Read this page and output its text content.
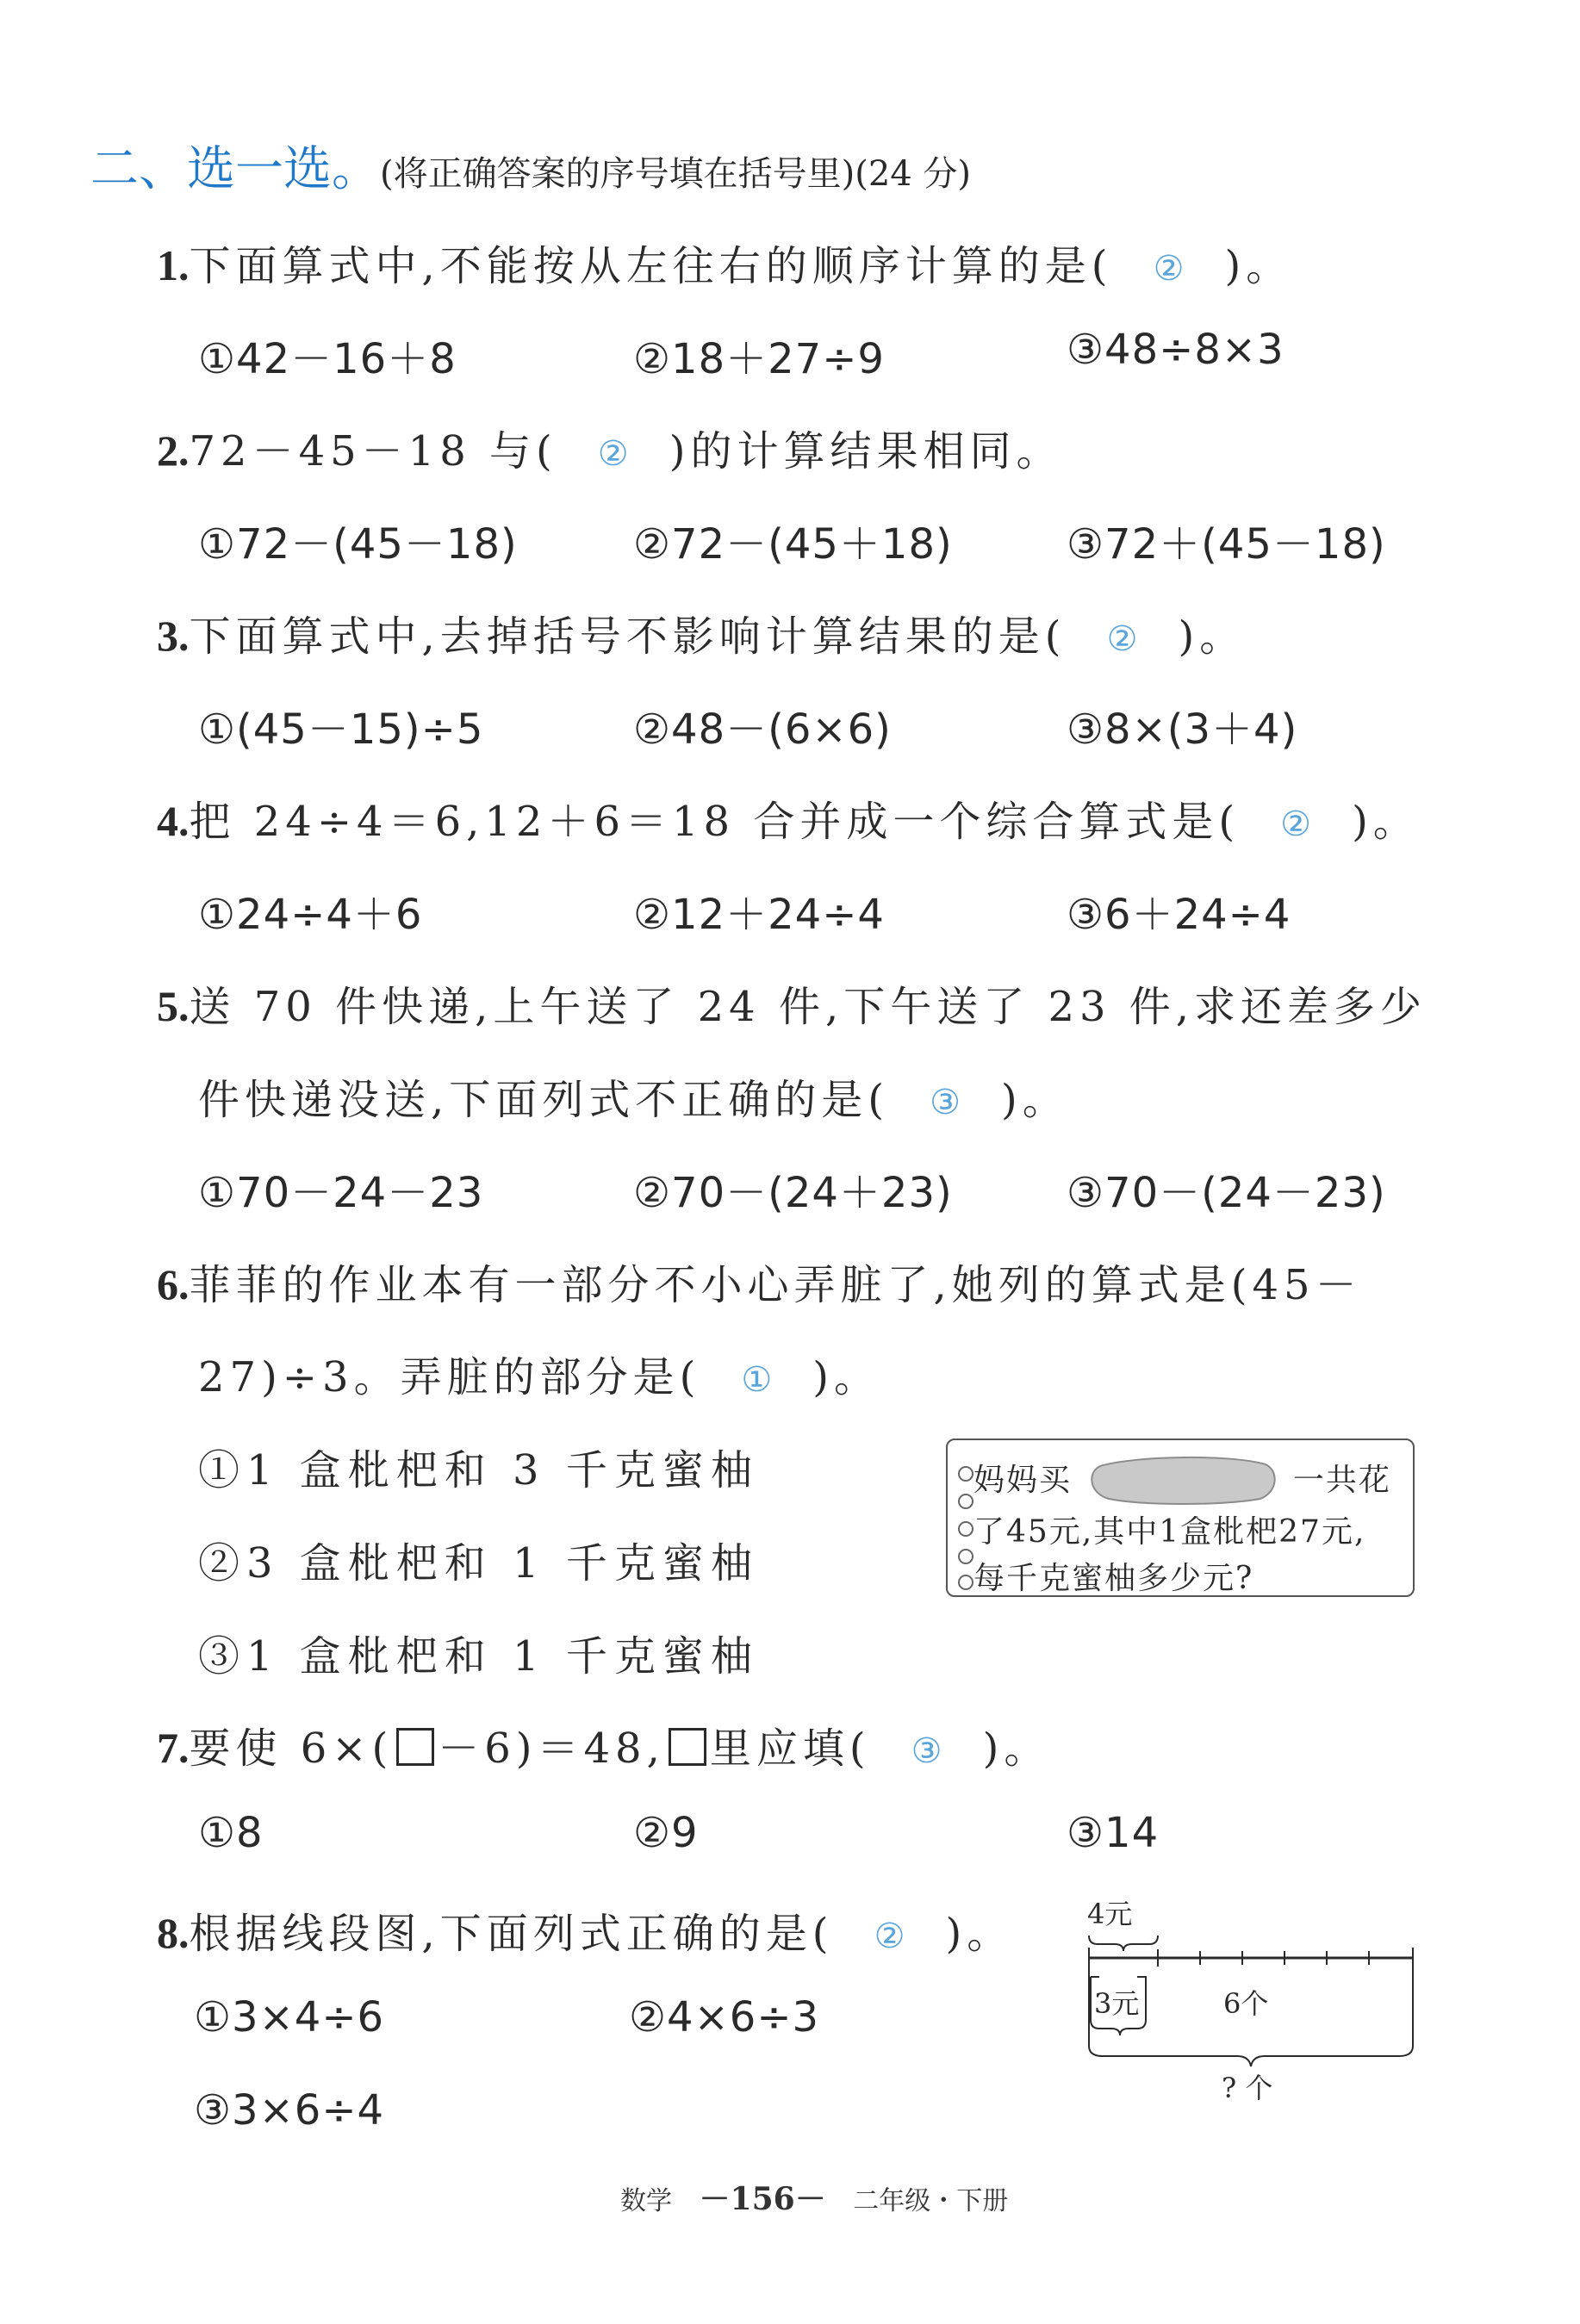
二、选一选。(将正确答案的序号填在括号里)(24 分)
1.下面算式中,不能按从左往右的顺序计算的是( ② )。
①42－16＋8	②18＋27÷9	③48÷8×3
2.72－45－18 与( ② )的计算结果相同。
①72－(45－18)	②72－(45＋18)	③72＋(45－18)
3.下面算式中,去掉括号不影响计算结果的是( ② )。
①(45－15)÷5	②48－(6×6)	③8×(3＋4)
4.把 24÷4＝6,12＋6＝18 合并成一个综合算式是( ② )。
①24÷4＋6	②12＋24÷4	③6＋24÷4
5.送 70 件快递,上午送了 24 件,下午送了 23 件,求还差多少
件快递没送,下面列式不正确的是( ③ )。
①70－24－23	②70－(24＋23)	③70－(24－23)
6.菲菲的作业本有一部分不小心弄脏了,她列的算式是(45－
27)÷3。弄脏的部分是( ① )。
①1 盒枇杷和 3 千克蜜柚
②3 盒枇杷和 1 千克蜜柚
③1 盒枇杷和 1 千克蜜柚
妈妈买	一共花
了45元,其中1盒枇杷27元,
每千克蜜柚多少元?
7.要使 6×( －6)＝48, 里应填( ③ )。
①8	②9	③14
8.根据线段图,下面列式正确的是( ② )。
①3×4÷6	②4×6÷3
③3×6÷4
4元
3元	6个
? 个
数学 －156－ 二年级・下册
